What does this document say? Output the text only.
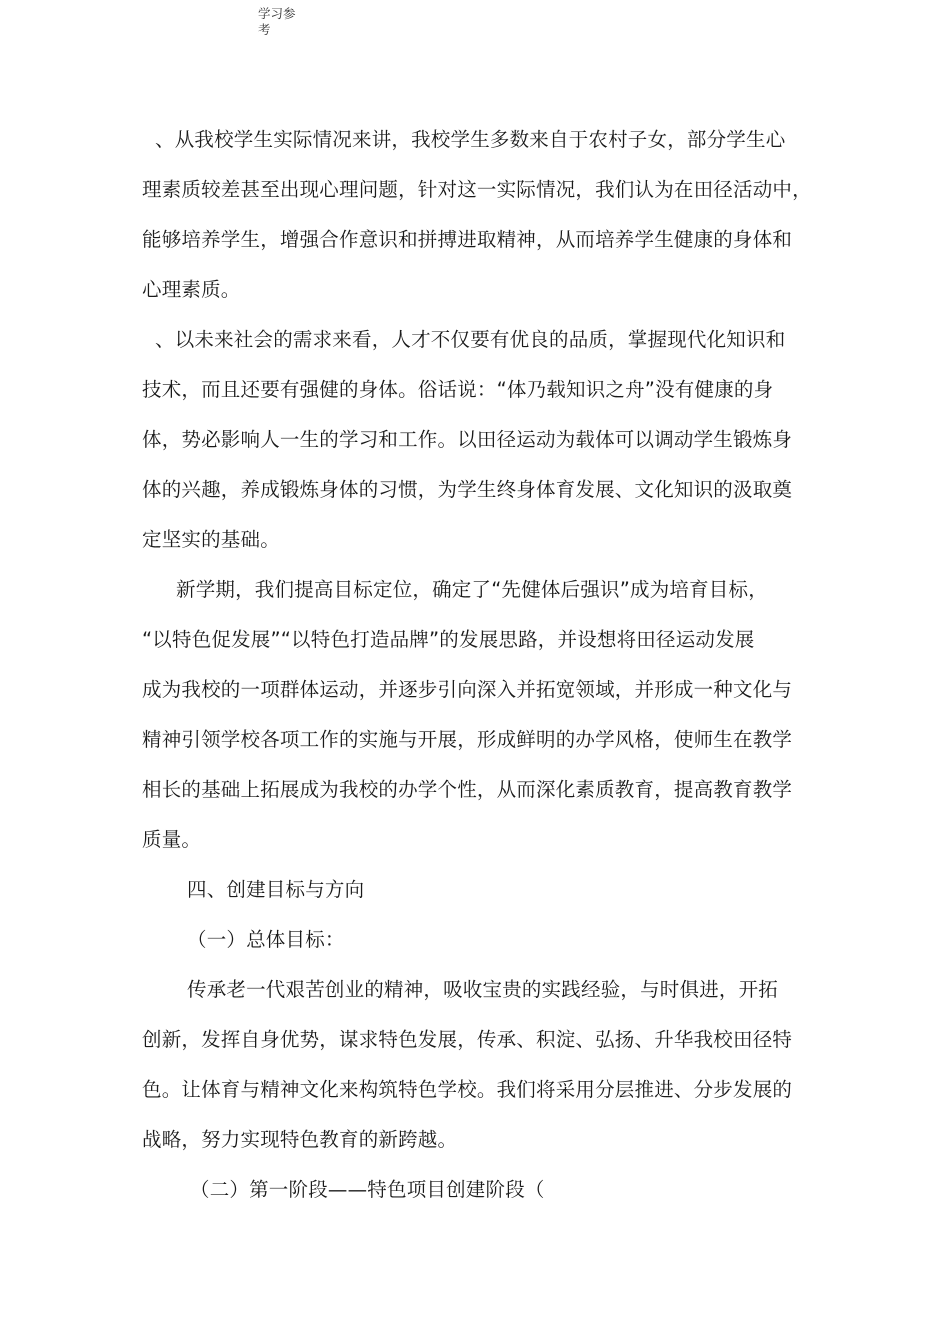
学习参考
、从我校学生实际情况来讲，我校学生多数来自于农村子女，部分学生心
理素质较差甚至出现心理问题，针对这一实际情况，我们认为在田径活动中，
能够培养学生，增强合作意识和拼搏进取精神，从而培养学生健康的身体和
心理素质。
、以未来社会的需求来看，人才不仅要有优良的品质，掌握现代化知识和
技术，而且还要有强健的身体。俗话说：“体乃载知识之舟”没有健康的身
体，势必影响人一生的学习和工作。以田径运动为载体可以调动学生锻炼身
体的兴趣，养成锻炼身体的习惯，为学生终身体育发展、文化知识的汲取奠
定坚实的基础。
新学期，我们提高目标定位，确定了“先健体后强识”成为培育目标，
“以特色促发展”“以特色打造品牌”的发展思路，并设想将田径运动发展
成为我校的一项群体运动，并逐步引向深入并拓宽领域，并形成一种文化与
精神引领学校各项工作的实施与开展，形成鲜明的办学风格，使师生在教学
相长的基础上拓展成为我校的办学个性，从而深化素质教育，提高教育教学
质量。
四、创建目标与方向
（一）总体目标：
传承老一代艰苦创业的精神，吸收宝贵的实践经验，与时俱进，开拓
创新，发挥自身优势，谋求特色发展，传承、积淀、弘扬、升华我校田径特
色。让体育与精神文化来构筑特色学校。我们将采用分层推进、分步发展的
战略，努力实现特色教育的新跨越。
（二）第一阶段——特色项目创建阶段（
